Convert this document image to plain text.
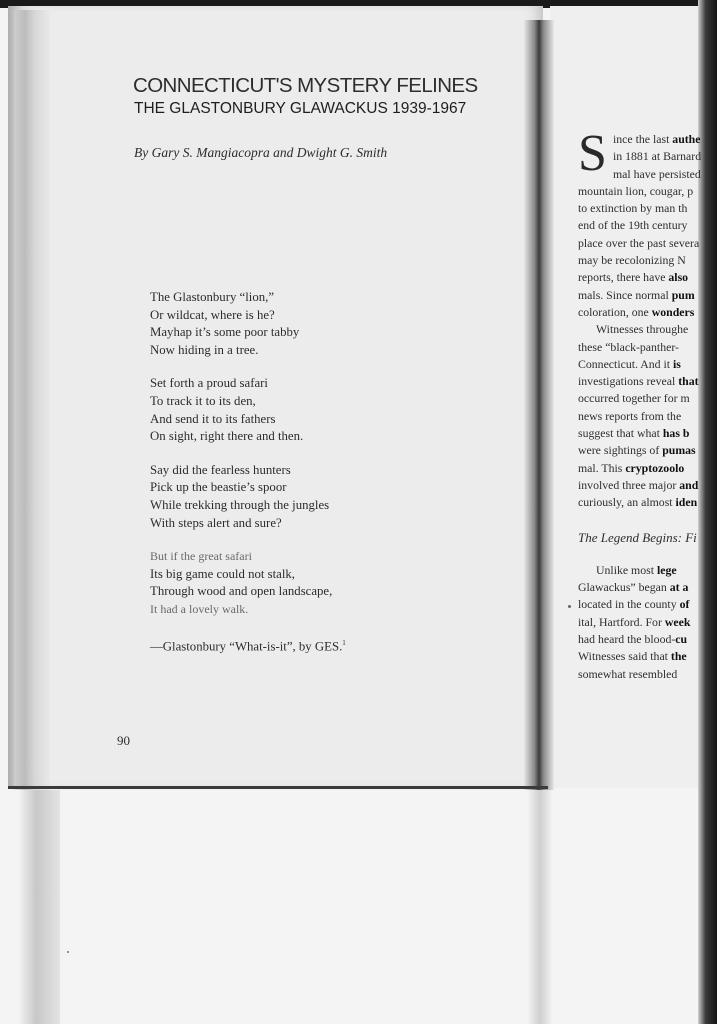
CONNECTICUT'S MYSTERY FELINES
THE GLASTONBURY GLAWACKUS 1939-1967
By Gary S. Mangiacopra and Dwight G. Smith
The Glastonbury “lion,”
Or wildcat, where is he?
Mayhap it’s some poor tabby
Now hiding in a tree.
Set forth a proud safari
To track it to its den,
And send it to its fathers
On sight, right there and then.
Say did the fearless hunters
Pick up the beastie’s spoor
While trekking through the jungles
With steps alert and sure?
But if the great safari
Its big game could not stalk,
Through wood and open landscape,
It had a lovely walk.
—Glastonbury “What-is-it”, by GES.$^1$
90
S ince the last authe
in 1881 at Barnard
mal have persisted
mountain lion, cougar, p
to extinction by man th
end of the 19th century
place over the past severa
may be recolonizing N
reports, there have also
mals. Since normal pum
coloration, one wonders
Witnesses throughe
these “black-panther-
Connecticut. And it is
investigations reveal that
occurred together for m
news reports from the
suggest that what has b
were sightings of pumas
mal. This cryptozoolo
involved three major and
curiously, an almost iden
The Legend Begins: Fi
Unlike most lege
Glawackus” began at a
located in the county of
ital, Hartford. For week
had heard the blood-cu
Witnesses said that the
somewhat resembled
